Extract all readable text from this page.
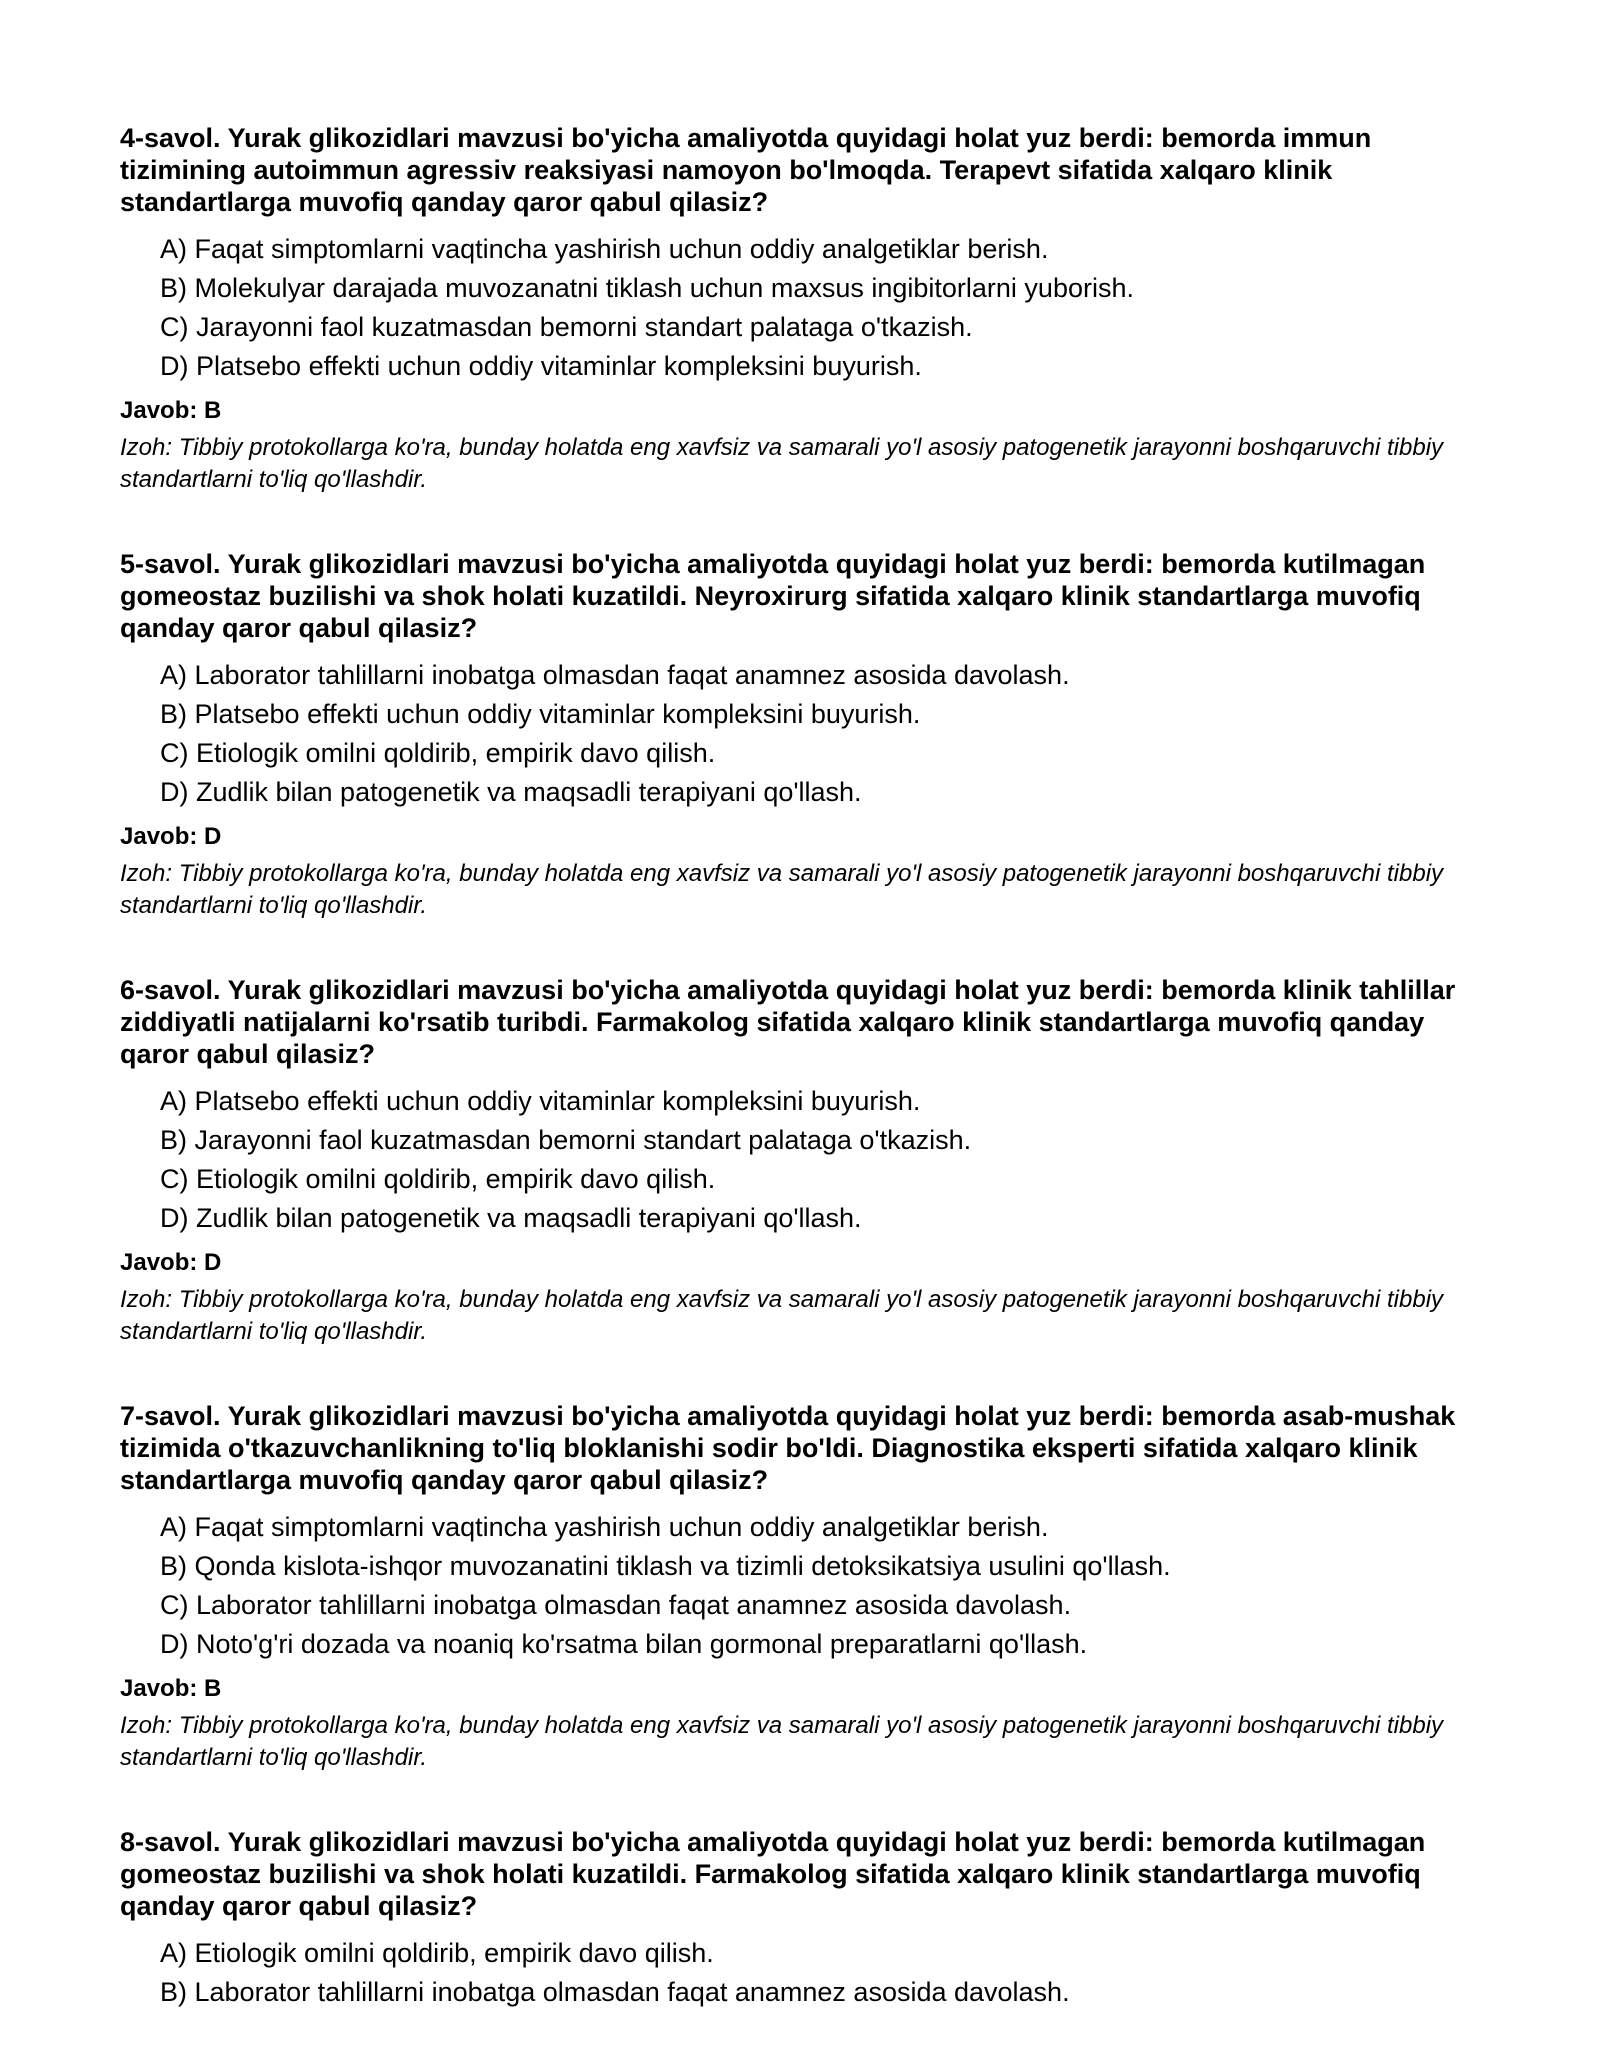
4-savol. Yurak glikozidlari mavzusi bo'yicha amaliyotda quyidagi holat yuz berdi: bemorda immun tizimining autoimmun agressiv reaksiyasi namoyon bo'lmoqda. Terapevt sifatida xalqaro klinik standartlarga muvofiq qanday qaror qabul qilasiz?

A) Faqat simptomlarni vaqtincha yashirish uchun oddiy analgetiklar berish.
B) Molekulyar darajada muvozanatni tiklash uchun maxsus ingibitorlarni yuborish.
C) Jarayonni faol kuzatmasdan bemorni standart palataga o'tkazish.
D) Platsebo effekti uchun oddiy vitaminlar kompleksini buyurish.

Javob: B

Izoh: Tibbiy protokollarga ko'ra, bunday holatda eng xavfsiz va samarali yo'l asosiy patogenetik jarayonni boshqaruvchi tibbiy standartlarni to'liq qo'llashdir.

5-savol. Yurak glikozidlari mavzusi bo'yicha amaliyotda quyidagi holat yuz berdi: bemorda kutilmagan gomeostaz buzilishi va shok holati kuzatildi. Neyroxirurg sifatida xalqaro klinik standartlarga muvofiq qanday qaror qabul qilasiz?

A) Laborator tahlillarni inobatga olmasdan faqat anamnez asosida davolash.
B) Platsebo effekti uchun oddiy vitaminlar kompleksini buyurish.
C) Etiologik omilni qoldirib, empirik davo qilish.
D) Zudlik bilan patogenetik va maqsadli terapiyani qo'llash.

Javob: D

Izoh: Tibbiy protokollarga ko'ra, bunday holatda eng xavfsiz va samarali yo'l asosiy patogenetik jarayonni boshqaruvchi tibbiy standartlarni to'liq qo'llashdir.

6-savol. Yurak glikozidlari mavzusi bo'yicha amaliyotda quyidagi holat yuz berdi: bemorda klinik tahlillar ziddiyatli natijalarni ko'rsatib turibdi. Farmakolog sifatida xalqaro klinik standartlarga muvofiq qanday qaror qabul qilasiz?

A) Platsebo effekti uchun oddiy vitaminlar kompleksini buyurish.
B) Jarayonni faol kuzatmasdan bemorni standart palataga o'tkazish.
C) Etiologik omilni qoldirib, empirik davo qilish.
D) Zudlik bilan patogenetik va maqsadli terapiyani qo'llash.

Javob: D

Izoh: Tibbiy protokollarga ko'ra, bunday holatda eng xavfsiz va samarali yo'l asosiy patogenetik jarayonni boshqaruvchi tibbiy standartlarni to'liq qo'llashdir.

7-savol. Yurak glikozidlari mavzusi bo'yicha amaliyotda quyidagi holat yuz berdi: bemorda asab-mushak tizimida o'tkazuvchanlikning to'liq bloklanishi sodir bo'ldi. Diagnostika eksperti sifatida xalqaro klinik standartlarga muvofiq qanday qaror qabul qilasiz?

A) Faqat simptomlarni vaqtincha yashirish uchun oddiy analgetiklar berish.
B) Qonda kislota-ishqor muvozanatini tiklash va tizimli detoksikatsiya usulini qo'llash.
C) Laborator tahlillarni inobatga olmasdan faqat anamnez asosida davolash.
D) Noto'g'ri dozada va noaniq ko'rsatma bilan gormonal preparatlarni qo'llash.

Javob: B

Izoh: Tibbiy protokollarga ko'ra, bunday holatda eng xavfsiz va samarali yo'l asosiy patogenetik jarayonni boshqaruvchi tibbiy standartlarni to'liq qo'llashdir.

8-savol. Yurak glikozidlari mavzusi bo'yicha amaliyotda quyidagi holat yuz berdi: bemorda kutilmagan gomeostaz buzilishi va shok holati kuzatildi. Farmakolog sifatida xalqaro klinik standartlarga muvofiq qanday qaror qabul qilasiz?

A) Etiologik omilni qoldirib, empirik davo qilish.
B) Laborator tahlillarni inobatga olmasdan faqat anamnez asosida davolash.
